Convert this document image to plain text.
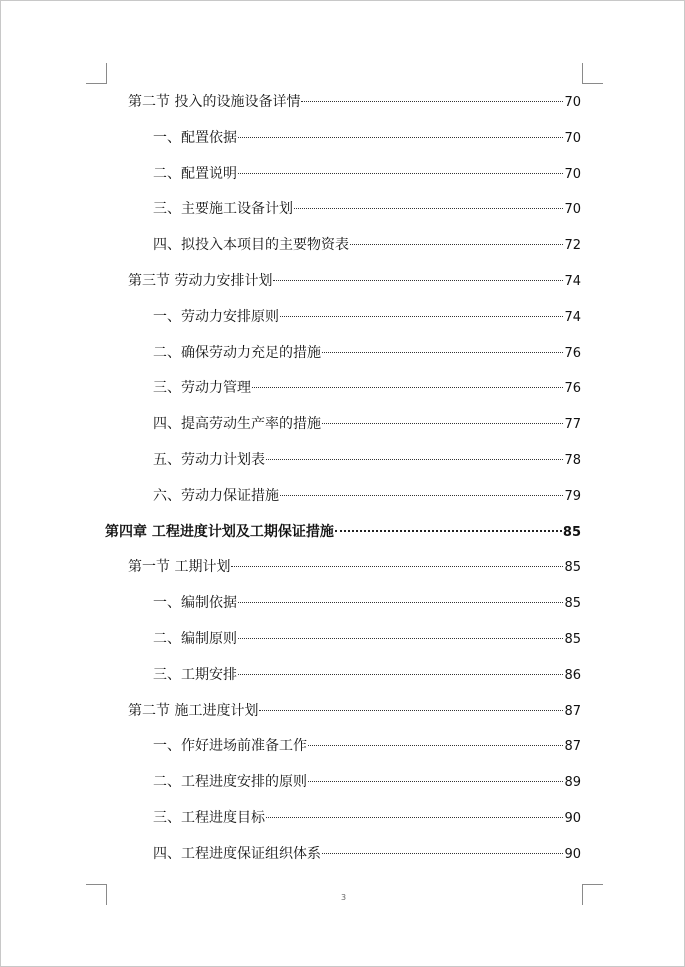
第二节 投入的设施设备详情	70
一、配置依据	70
二、配置说明	70
三、主要施工设备计划	70
四、拟投入本项目的主要物资表	72
第三节 劳动力安排计划	74
一、劳动力安排原则	74
二、确保劳动力充足的措施	76
三、劳动力管理	76
四、提高劳动生产率的措施	77
五、劳动力计划表	78
六、劳动力保证措施	79
第四章 工程进度计划及工期保证措施	85
第一节 工期计划	85
一、编制依据	85
二、编制原则	85
三、工期安排	86
第二节 施工进度计划	87
一、作好进场前准备工作	87
二、工程进度安排的原则	89
三、工程进度目标	90
四、工程进度保证组织体系	90
3
